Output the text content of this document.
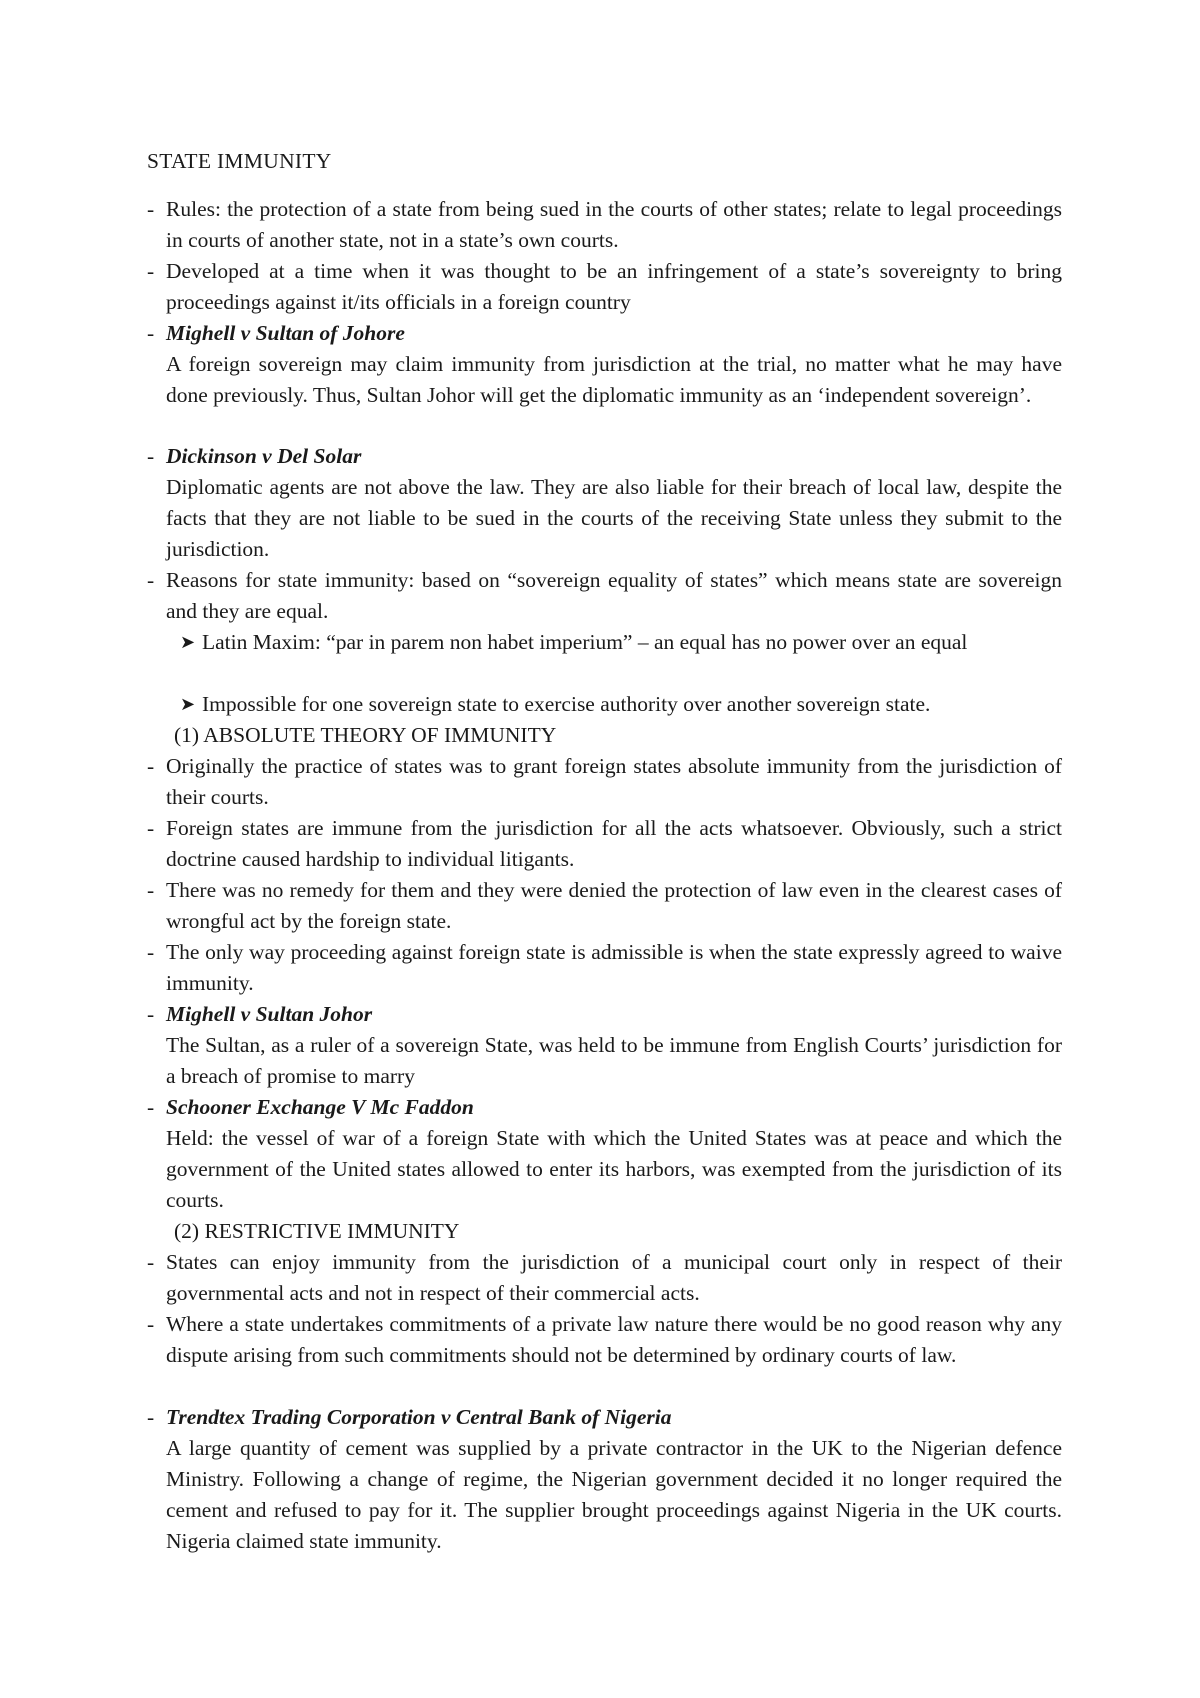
STATE IMMUNITY
- Rules: the protection of a state from being sued in the courts of other states; relate to legal proceedings in courts of another state, not in a state’s own courts.
- Developed at a time when it was thought to be an infringement of a state’s sovereignty to bring proceedings against it/its officials in a foreign country
- Mighell v Sultan of Johore
A foreign sovereign may claim immunity from jurisdiction at the trial, no matter what he may have done previously. Thus, Sultan Johor will get the diplomatic immunity as an ‘independent sovereign’.
- Dickinson v Del Solar
Diplomatic agents are not above the law. They are also liable for their breach of local law, despite the facts that they are not liable to be sued in the courts of the receiving State unless they submit to the jurisdiction.
- Reasons for state immunity: based on “sovereign equality of states” which means state are sovereign and they are equal.
➤ Latin Maxim: “par in parem non habet imperium” – an equal has no power over an equal
➤ Impossible for one sovereign state to exercise authority over another sovereign state.
(1) ABSOLUTE THEORY OF IMMUNITY
- Originally the practice of states was to grant foreign states absolute immunity from the jurisdiction of their courts.
- Foreign states are immune from the jurisdiction for all the acts whatsoever. Obviously, such a strict doctrine caused hardship to individual litigants.
- There was no remedy for them and they were denied the protection of law even in the clearest cases of wrongful act by the foreign state.
- The only way proceeding against foreign state is admissible is when the state expressly agreed to waive immunity.
- Mighell v Sultan Johor
The Sultan, as a ruler of a sovereign State, was held to be immune from English Courts’ jurisdiction for a breach of promise to marry
- Schooner Exchange V Mc Faddon
Held: the vessel of war of a foreign State with which the United States was at peace and which the government of the United states allowed to enter its harbors, was exempted from the jurisdiction of its courts.
(2) RESTRICTIVE IMMUNITY
- States can enjoy immunity from the jurisdiction of a municipal court only in respect of their governmental acts and not in respect of their commercial acts.
- Where a state undertakes commitments of a private law nature there would be no good reason why any dispute arising from such commitments should not be determined by ordinary courts of law.
- Trendtex Trading Corporation v Central Bank of Nigeria
A large quantity of cement was supplied by a private contractor in the UK to the Nigerian defence Ministry. Following a change of regime, the Nigerian government decided it no longer required the cement and refused to pay for it. The supplier brought proceedings against Nigeria in the UK courts. Nigeria claimed state immunity.
